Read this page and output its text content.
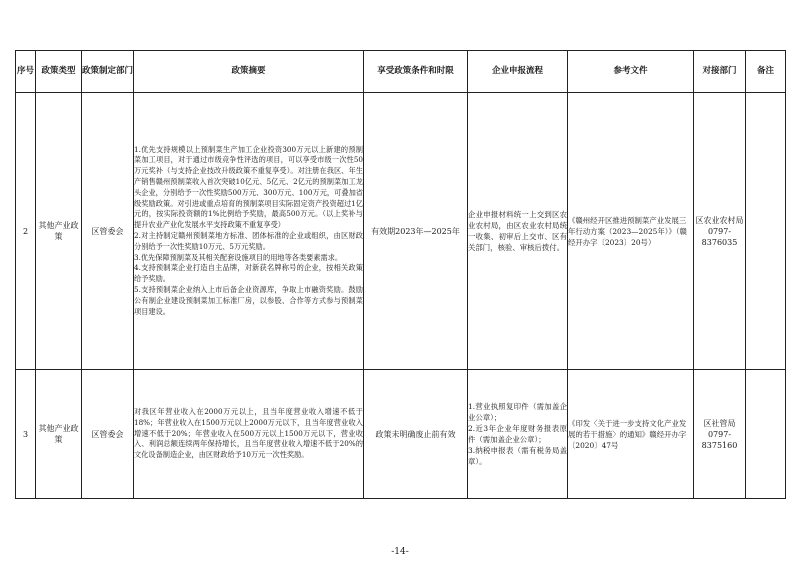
序号	政策类型	政策制定部门	政策摘要	享受政策条件和时限	企业申报流程	参考文件	对接部门	备注
2	其他产业政策	区管委会	1.优先支持规模以上预制菜生产加工企业投资300万元以上新建的预制菜加工项目，对于通过市级竞争性评选的项目，可以享受市级一次性50万元奖补（与支持企业技改升级政策不重复享受）。对注册在我区、年生产销售赣州预制菜收入首次突破10亿元、5亿元、2亿元的预制菜加工龙头企业，分别给予一次性奖励500万元、300万元、100万元，可叠加省级奖励政策。对引进或重点培育的预制菜项目实际固定资产投资超过1亿元的，按实际投资额的1%比例给予奖励，最高500万元。（以上奖补与提升农业产业化发展水平支持政策不重复享受）

2.对主持制定赣州预制菜地方标准、团体标准的企业或组织，由区财政分别给予一次性奖励10万元、5万元奖励。

3.优先保障预制菜及其相关配套设施项目的用地等各类要素需求。

4.支持预制菜企业打造自主品牌，对新获名牌称号的企业，按相关政策给予奖励。

5.支持预制菜企业纳入上市后备企业资源库，争取上市融资奖励。鼓励公有制企业建设预制菜加工标准厂房，以参股、合作等方式参与预制菜项目建设。	有效期2023年—2025年	企业申报材料统一上交到区农业农村局，由区农业农村局统一收集、初审后上交市、区有关部门，核验、审核后拨付。	《赣州经开区推进预制菜产业发展三年行动方案（2023—2025年）》（赣经开办字〔2023〕20号）	区农业农村局0797-8376035	
3	其他产业政策	区管委会	对我区年营业收入在2000万元以上，且当年度营业收入增速不低于18%；年营业收入在1500万元以上2000万元以下，且当年度营业收入增速不低于20%；年营业收入在500万元以上1500万元以下，营业收入、利润总额连续两年保持增长，且当年度营业收入增速不低于20%的文化设备制造企业，由区财政给予10万元一次性奖励。	政策未明确废止前有效	1.营业执照复印件（需加盖企业公章）；

2.近3年企业年度财务报表原件（需加盖企业公章）；

3.纳税申报表（需有税务局盖章）。	《印发〈关于进一步支持文化产业发展的若干措施〉的通知》赣经开办字〔2020〕47号	区社管局0797-8375160	
-14-
